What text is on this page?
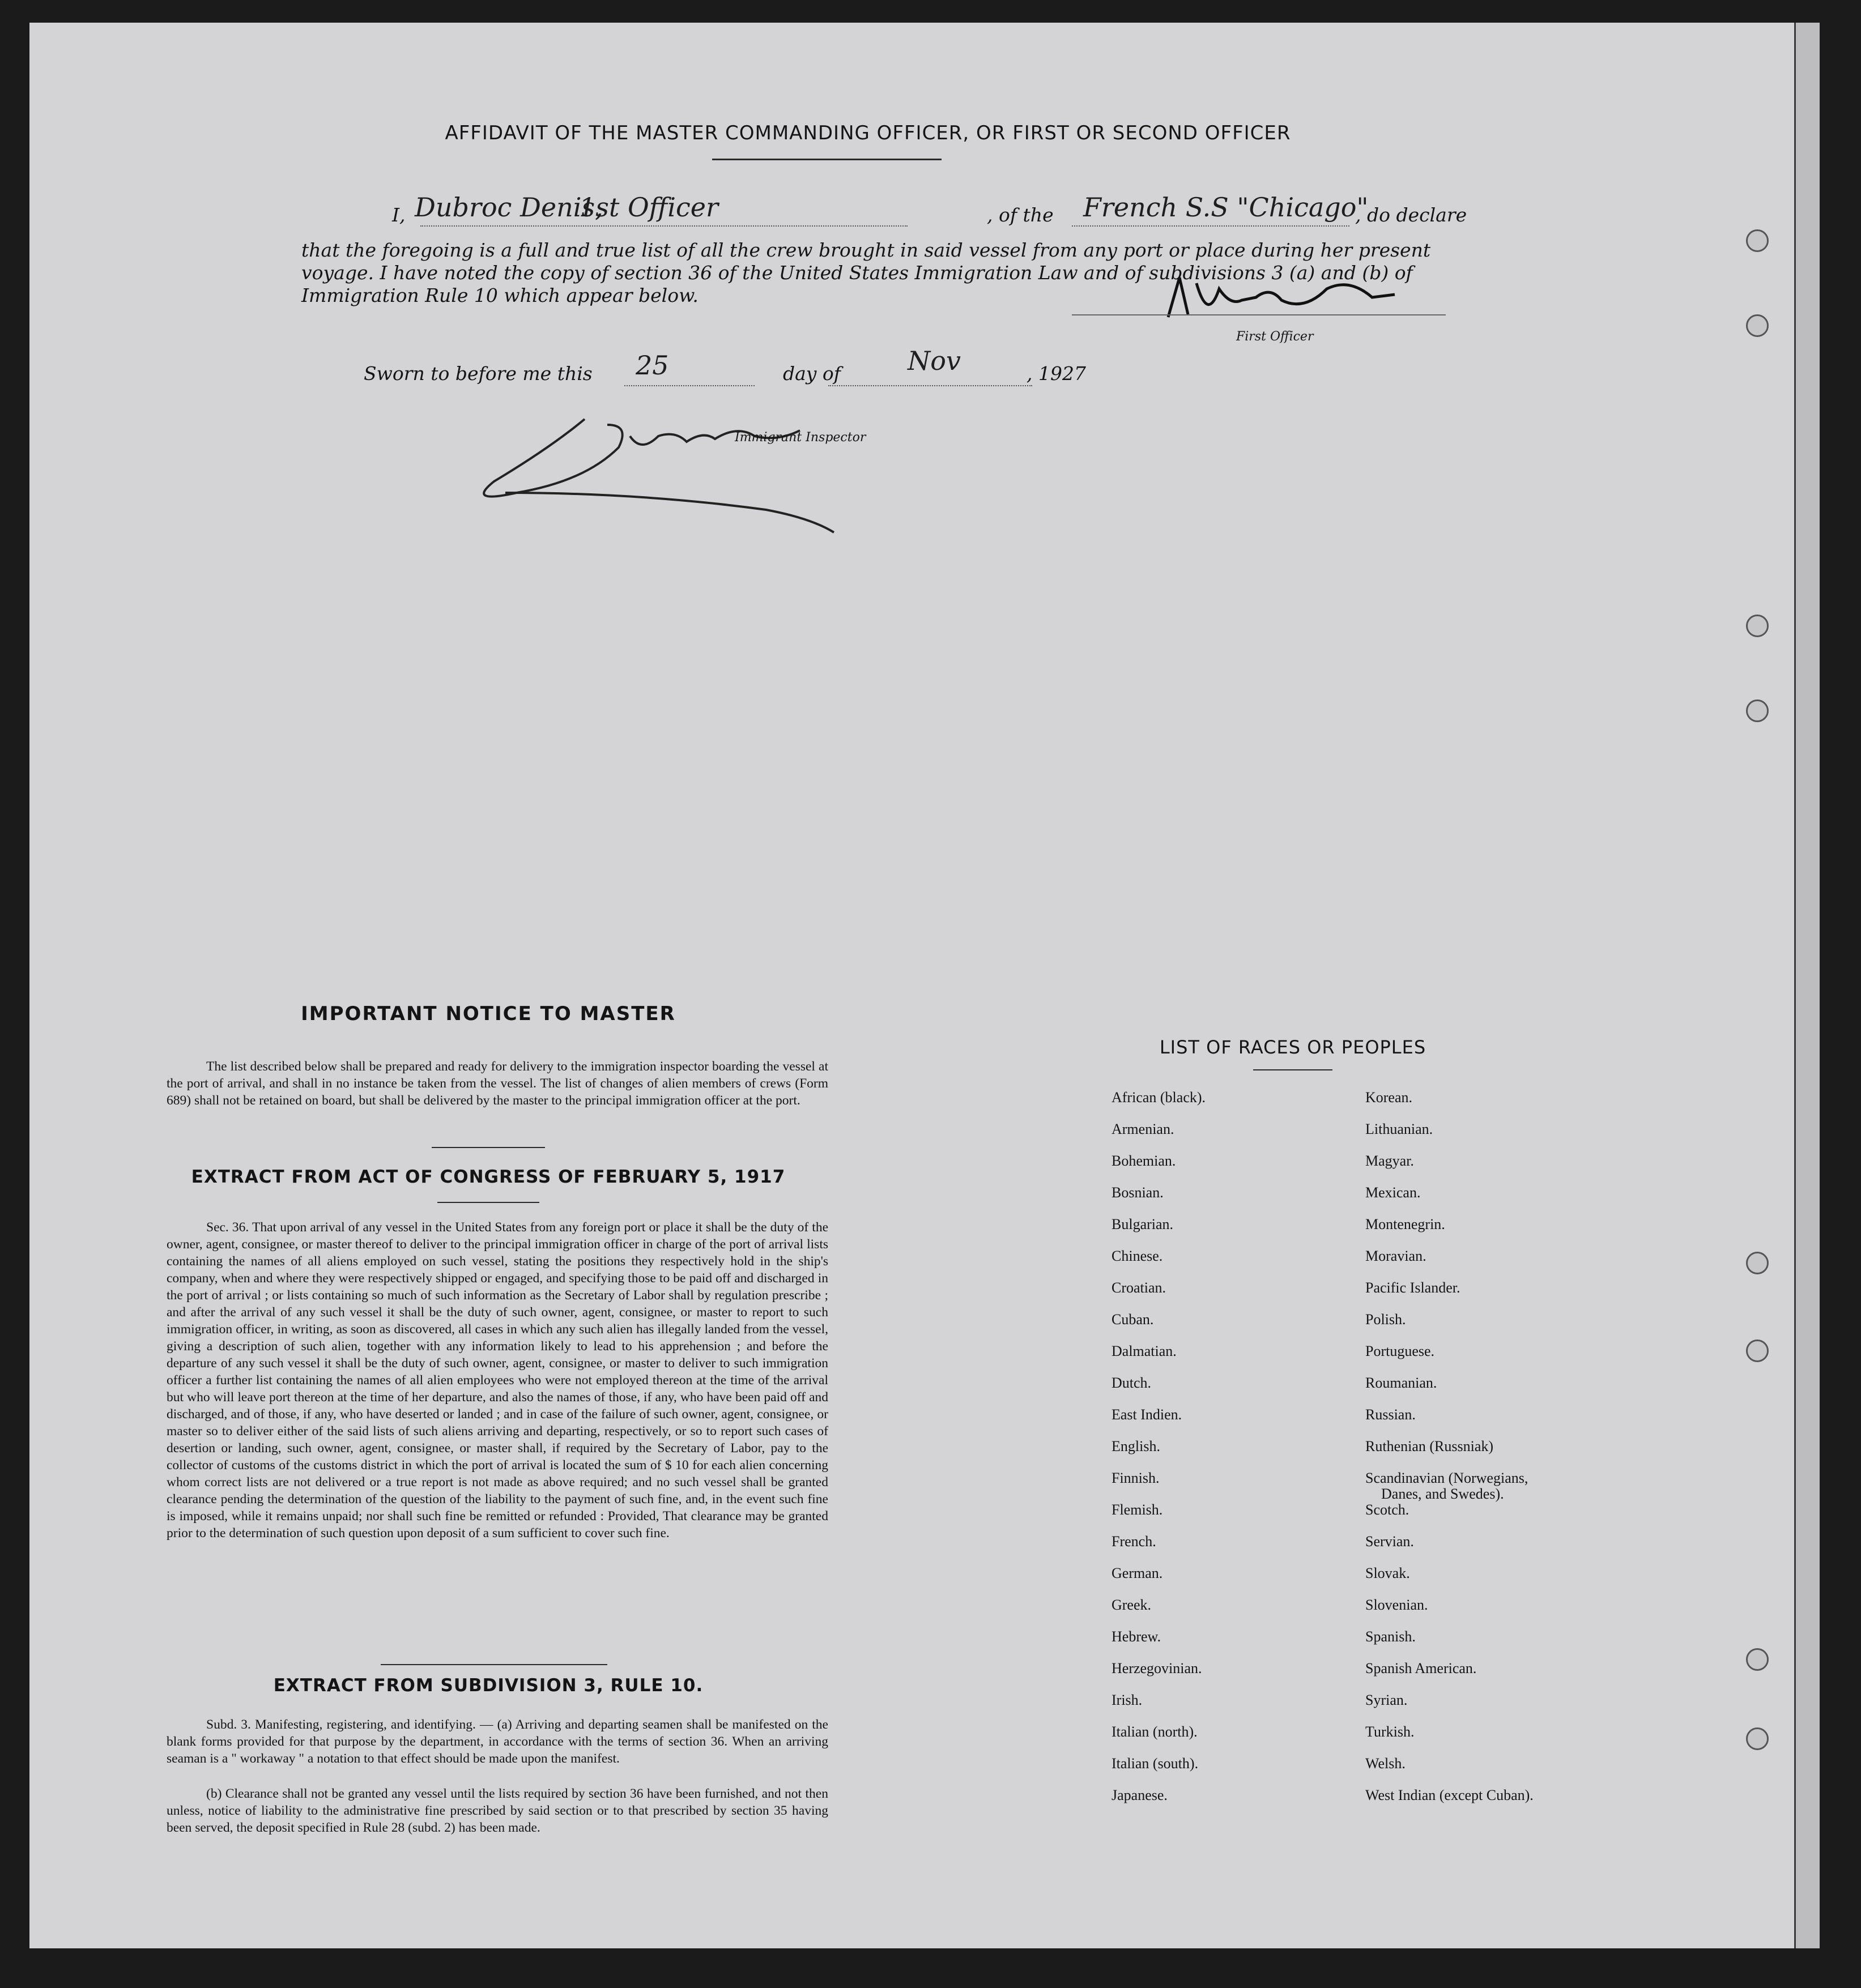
AFFIDAVIT OF THE MASTER COMMANDING OFFICER, OR FIRST OR SECOND OFFICER
I, Dubroc Denis,
1st Officer	, of the French S.S "Chicago"
, do declare
that the foregoing is a full and true list of all the crew brought in said vessel from any port or place during her present
voyage. I have noted the copy of section 36 of the United States Immigration Law and of subdivisions 3 (a) and (b) of
Immigration Rule 10 which appear below.
First Officer
Sworn to before me this 25	day of	Nov	, 1927
Immigrant Inspector
IMPORTANT NOTICE TO MASTER
The list described below shall be prepared and ready for delivery to the immigration inspector boarding the vessel at the port of arrival, and shall in no instance be taken from the vessel. The list of changes of alien members of crews (Form 689) shall not be retained on board, but shall be delivered by the master to the principal immigration officer at the port.
EXTRACT FROM ACT OF CONGRESS OF FEBRUARY 5, 1917
Sec. 36. That upon arrival of any vessel in the United States from any foreign port or place it shall be the duty of the owner, agent, consignee, or master thereof to deliver to the principal immigration officer in charge of the port of arrival lists containing the names of all aliens employed on such vessel, stating the positions they respectively hold in the ship's company, when and where they were respectively shipped or engaged, and specifying those to be paid off and discharged in the port of arrival ; or lists containing so much of such information as the Secretary of Labor shall by regulation prescribe ; and after the arrival of any such vessel it shall be the duty of such owner, agent, consignee, or master to report to such immigration officer, in writing, as soon as discovered, all cases in which any such alien has illegally landed from the vessel, giving a description of such alien, together with any information likely to lead to his apprehension ; and before the departure of any such vessel it shall be the duty of such owner, agent, consignee, or master to deliver to such immigration officer a further list containing the names of all alien employees who were not employed thereon at the time of the arrival but who will leave port thereon at the time of her departure, and also the names of those, if any, who have been paid off and discharged, and of those, if any, who have deserted or landed ; and in case of the failure of such owner, agent, consignee, or master so to deliver either of the said lists of such aliens arriving and departing, respectively, or so to report such cases of desertion or landing, such owner, agent, consignee, or master shall, if required by the Secretary of Labor, pay to the collector of customs of the customs district in which the port of arrival is located the sum of $ 10 for each alien concerning whom correct lists are not delivered or a true report is not made as above required; and no such vessel shall be granted clearance pending the determination of the question of the liability to the payment of such fine, and, in the event such fine is imposed, while it remains unpaid; nor shall such fine be remitted or refunded : Provided, That clearance may be granted prior to the determination of such question upon deposit of a sum sufficient to cover such fine.
EXTRACT FROM SUBDIVISION 3, RULE 10.
Subd. 3. Manifesting, registering, and identifying. — (a) Arriving and departing seamen shall be manifested on the blank forms provided for that purpose by the department, in accordance with the terms of section 36. When an arriving seaman is a " workaway " a notation to that effect should be made upon the manifest.
(b) Clearance shall not be granted any vessel until the lists required by section 36 have been furnished, and not then unless, notice of liability to the administrative fine prescribed by said section or to that prescribed by section 35 having been served, the deposit specified in Rule 28 (subd. 2) has been made.
LIST OF RACES OR PEOPLES
African (black).
Armenian.
Bohemian.
Bosnian.
Bulgarian.
Chinese.
Croatian.
Cuban.
Dalmatian.
Dutch.
East Indien.
English.
Finnish.
Flemish.
French.
German.
Greek.
Hebrew.
Herzegovinian.
Irish.
Italian (north).
Italian (south).
Japanese.
Korean.
Lithuanian.
Magyar.
Mexican.
Montenegrin.
Moravian.
Pacific Islander.
Polish.
Portuguese.
Roumanian.
Russian.
Ruthenian (Russniak)
Scandinavian (Norwegians,
Danes, and Swedes).
Scotch.
Servian.
Slovak.
Slovenian.
Spanish.
Spanish American.
Syrian.
Turkish.
Welsh.
West Indian (except Cuban).
